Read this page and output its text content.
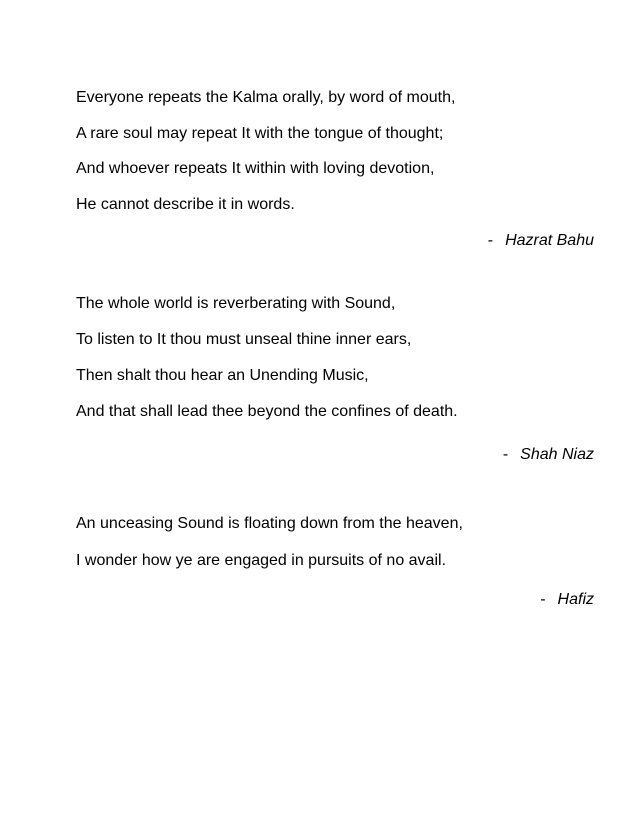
Everyone repeats the Kalma orally, by word of mouth,
A rare soul may repeat It with the tongue of thought;
And whoever repeats It within with loving devotion,
He cannot describe it in words.
- Hazrat Bahu
The whole world is reverberating with Sound,
To listen to It thou must unseal thine inner ears,
Then shalt thou hear an Unending Music,
And that shall lead thee beyond the confines of death.
- Shah Niaz
An unceasing Sound is floating down from the heaven,
I wonder how ye are engaged in pursuits of no avail.
- Hafiz
